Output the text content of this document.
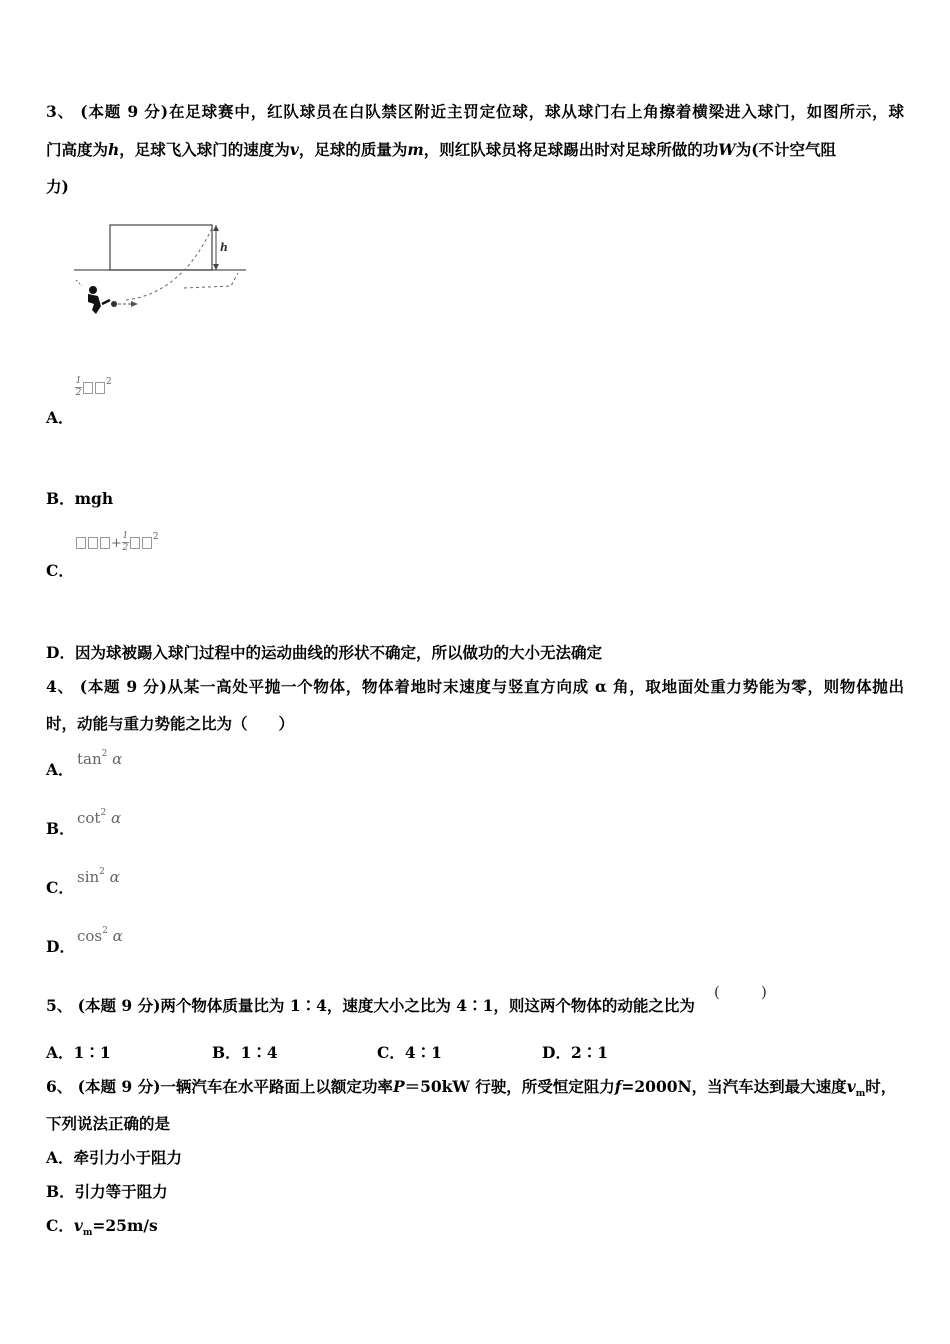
3、 (本题 9 分)在足球赛中，红队球员在白队禁区附近主罚定位球，球从球门右上角擦着横梁进入球门，如图所示，球
门高度为h，足球飞入球门的速度为v，足球的质量为m，则红队球员将足球踢出时对足球所做的功W为(不计空气阻
力)
h
$\frac{1}{2}$	$^2$
A．
B．mgh
$+\frac{1}{2}$	$^2$
C．
D．因为球被踢入球门过程中的运动曲线的形状不确定，所以做功的大小无法确定
4、 (本题 9 分)从某一高处平抛一个物体，物体着地时末速度与竖直方向成 α 角，取地面处重力势能为零，则物体抛出
时，动能与重力势能之比为（　　）
$\tan^2 \alpha$
A．
$\cot^2 \alpha$
B．
$\sin^2 \alpha$
C．
$\cos^2 \alpha$
D．
5、 (本题 9 分)两个物体质量比为 1∶4，速度大小之比为 4∶1，则这两个物体的动能之比为
(	)
A．1∶1	B．1∶4	C．4∶1	D．2∶1
6、 (本题 9 分)一辆汽车在水平路面上以额定功率P＝50kW 行驶，所受恒定阻力f=2000N，当汽车达到最大速度$v_m$时，
下列说法正确的是
A．牵引力小于阻力
B．引力等于阻力
C．$v_m=25m/s$
